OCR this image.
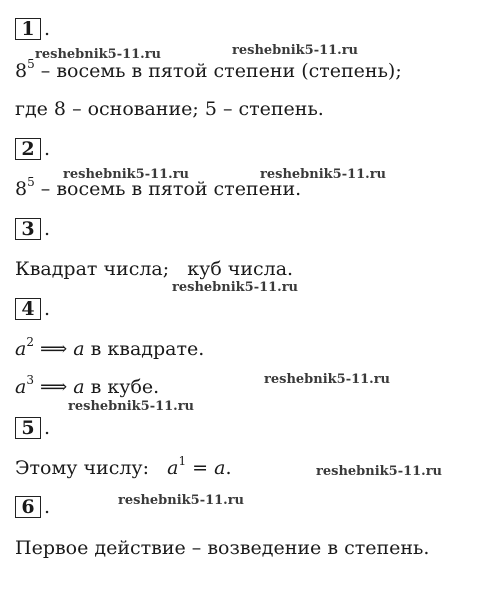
1 .
reshebnik5-11.ru	reshebnik5-11.ru
$8^5$ – восемь в пятой степени (степень);
где 8 – основание; 5 – степень.
2 .
reshebnik5-11.ru	reshebnik5-11.ru
$8^5$ – восемь в пятой степени.
3 .
Квадрат числа; куб числа.
reshebnik5-11.ru
4 .
$a^2$ ⟹ a в квадрате.
$a^3$ ⟹ a в кубе.	reshebnik5-11.ru
reshebnik5-11.ru
5 .
Этому числу: $a^1 = a$.	reshebnik5-11.ru
6 .	reshebnik5-11.ru
Первое действие – возведение в степень.
